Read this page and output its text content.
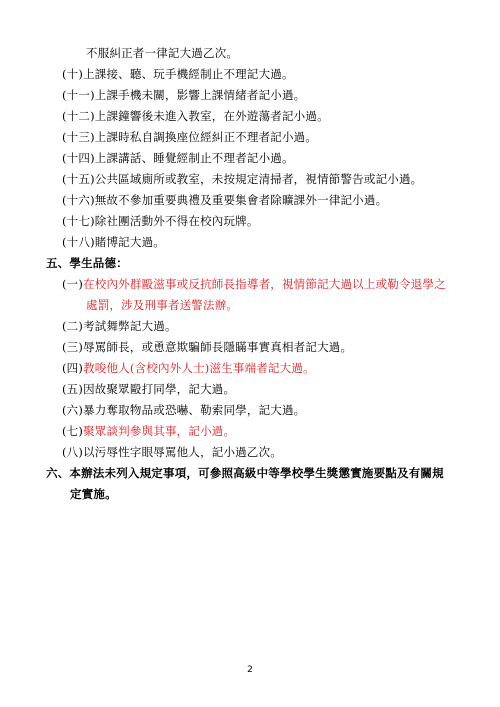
不服糾正者一律記大過乙次。
(十)上課接、聽、玩手機經制止不理記大過。
(十一)上課手機未關，影響上課情緒者記小過。
(十二)上課鐘響後未進入教室，在外遊蕩者記小過。
(十三)上課時私自調換座位經糾正不理者記小過。
(十四)上課講話、睡覺經制止不理者記小過。
(十五)公共區域廁所或教室，未按規定清掃者，視情節警告或記小過。
(十六)無故不參加重要典禮及重要集會者除曠課外一律記小過。
(十七)除社團活動外不得在校內玩牌。
(十八)賭博記大過。
五、學生品德：
(一)在校內外群毆滋事或反抗師長指導者，視情節記大過以上或勒令退學之
處罰，涉及刑事者送警法辦。
(二)考試舞弊記大過。
(三)辱罵師長，或恿意欺騙師長隱瞞事實真相者記大過。
(四)教唆他人(含校內外人士)滋生事端者記大過。
(五)因故聚眾毆打同學，記大過。
(六)暴力奪取物品或恐嚇、勒索同學，記大過。
(七)聚眾談判參與其事，記小過。
(八)以污辱性字眼辱罵他人，記小過乙次。
六、本辦法未列入規定事項，可參照高級中等學校學生獎懲實施要點及有關規
定實施。
2
